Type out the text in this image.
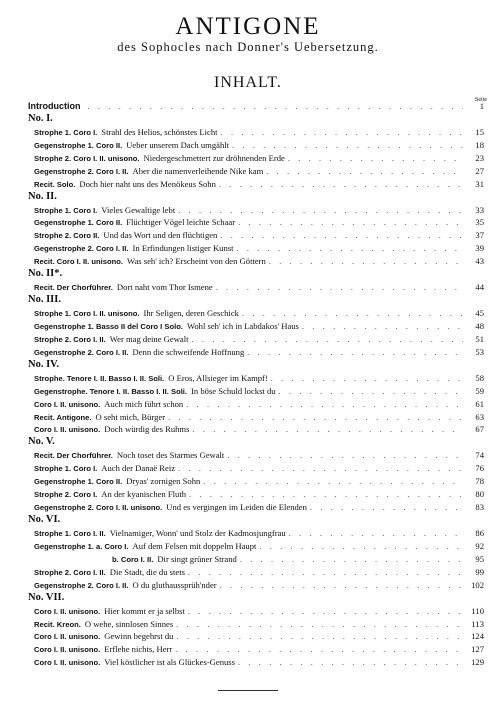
ANTIGONE
des Sophocles nach Donner's Uebersetzung.
INHALT.
Seite
Introduction . . .	1
No. I.
Strophe 1. Coro I. Strahl des Helios, schönstes Licht . . .	15
Gegenstrophe 1. Coro II. Ueber unserem Dach umgählt . . .	18
Strophe 2. Coro I. II. unisono. Niedergeschmettert zur dröhnenden Erde . . .	23
Gegenstrophe 2. Coro I. II. Aber die namenverleihende Nike kam . . .	27
Recit. Solo. Doch hier naht uns des Menökeus Sohn . . .	31
No. II.
Strophe 1. Coro I. Vieles Gewaltige lebt . . .	33
Gegenstrophe 1. Coro II. Flüchtiger Vögel leichte Schaar . . .	35
Strophe 2. Coro II. Und das Wort und den flüchtigen . . .	37
Gegenstrophe 2. Coro I. II. In Erfindungen listiger Kunst . . .	39
Recit. Coro I. II. unisono. Was seh' ich? Erscheint von den Göttern . . .	43
No. II*.
Recit. Der Chorführer. Dort naht vom Thor Ismene . . .	44
No. III.
Strophe 1. Coro I. II. unisono. Ihr Seligen, deren Geschick . . .	45
Gegenstrophe 1. Basso II del Coro I Solo. Wohl seh' ich in Labdakos' Haus . . .	48
Strophe 2. Coro I. II. Wer mag deine Gewalt . . .	51
Gegenstrophe 2. Coro I. II. Denn die schweifende Hoffnung . . .	53
No. IV.
Strophe. Tenore I. II. Basso I. II. Soli. O Eros, Allsieger im Kampf! . . .	58
Gegenstrophe. Tenore I. II. Basso I. II. Soli. In böse Schuld lockst du . . .	59
Coro I. II. unisono. Auch mich führt schon . . .	61
Recit. Antigone. O seht mich, Bürger . . .	63
Coro I. II. unisono. Doch würdig des Ruhms . . .	67
No. V.
Recit. Der Chorführer. Noch toset des Starmes Gewalt . . .	74
Strophe 1. Coro I. Auch der Danaë Reiz . . .	76
Gegenstrophe 1. Coro II. Dryas' zornigen Sohn . . .	78
Strophe 2. Coro I. An der kyanischen Fluth . . .	80
Gegenstrophe 2. Coro I. II. unisono. Und es vergingen im Leiden die Elenden . . .	83
No. VI.
Strophe 1. Coro I. II. Vielnamiger, Wonn' und Stolz der Kadmosjungfrau . . .	86
Gegenstrophe 1. a. Coro I. Auf dem Felsen mit doppelm Haupt . . .	92
b. Coro I. II. Dir singt grüner Strand . . .	95
Strophe 2. Coro I. II. Die Stadt, die du stets . . .	99
Gegenstrophe 2. Coro I. II. O du gluthaussprüh'nder . . .	102
No. VII.
Coro I. II. unisono. Hier kommt er ja selbst . . .	110
Recit. Kreon. O wehe, sinnlosen Sinnes . . .	113
Coro I. II. unisono. Gewinn begehrst du . . .	124
Coro I. II. unisono. Erflehe nichts, Herr . . .	127
Coro I. II. unisono. Viel köstlicher ist als Glückes-Genuss . . .	129
